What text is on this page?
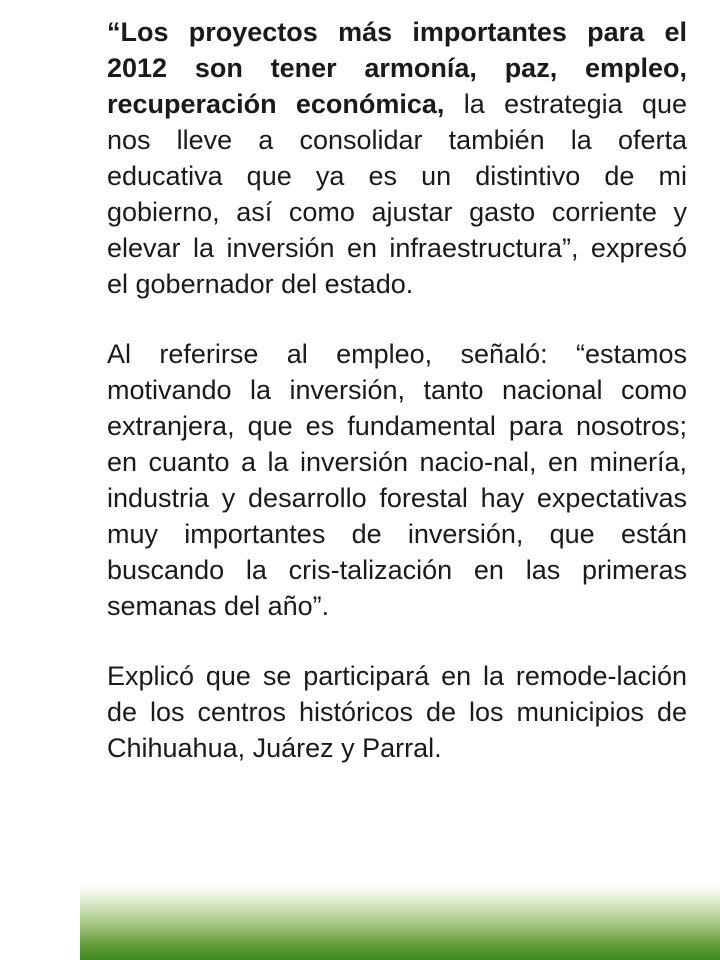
“Los proyectos más importantes para el 2012 son tener armonía, paz, empleo, recuperación económica, la estrategia que nos lleve a consolidar también la oferta educativa que ya es un distintivo de mi gobierno, así como ajustar gasto corriente y elevar la inversión en infraestructura”, expresó el gobernador del estado.

Al referirse al empleo, señaló: “estamos motivando la inversión, tanto nacional como extranjera, que es fundamental para nosotros; en cuanto a la inversión nacio-nal, en minería, industria y desarrollo forestal hay expectativas muy importantes de inversión, que están buscando la cris-talización en las primeras semanas del año”.

Explicó que se participará en la remode-lación de los centros históricos de los municipios de Chihuahua, Juárez y Parral.
